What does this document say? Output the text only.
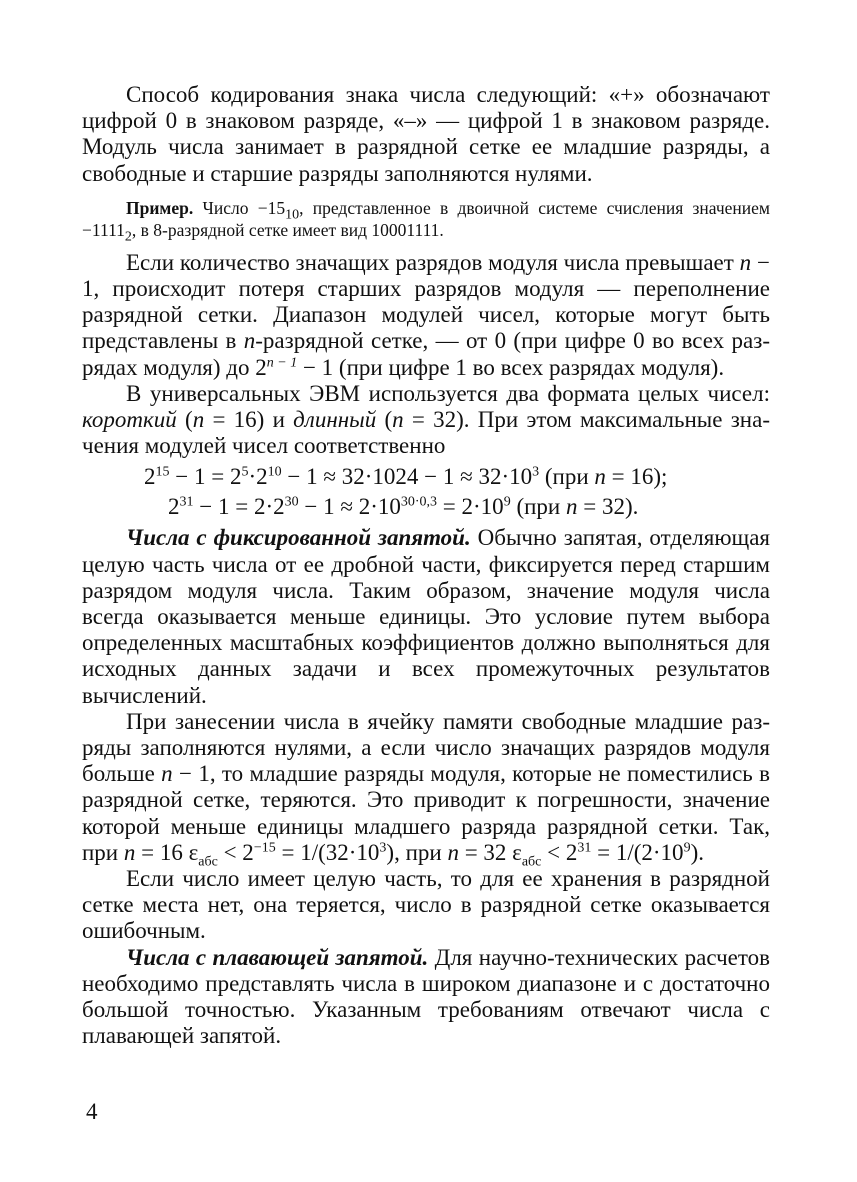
Способ кодирования знака числа следующий: «+» обозначают цифрой 0 в знаковом разряде, «–» — цифрой 1 в знаковом разряде. Модуль числа занимает в разрядной сетке ее младшие разряды, а свободные и старшие разряды заполняются нулями.

Пример. Число $-15_{10}$, представленное в двоичной системе счисления значением $-1111_2$, в 8-разрядной сетке имеет вид 10001111.

Если количество значащих разрядов модуля числа превышает n − 1, происходит потеря старших разрядов модуля — переполнение разрядной сетки. Диапазон модулей чисел, которые могут быть представлены в n-разрядной сетке, — от 0 (при цифре 0 во всех разрядах модуля) до $2^{n - 1} - 1$ (при цифре 1 во всех разрядах модуля).

В универсальных ЭВМ используется два формата целых чисел: короткий (n = 16) и длинный (n = 32). При этом максимальные значения модулей чисел соответственно

$2^{15} - 1 = 2^5\cdot 2^{10} - 1 \approx 32\cdot 1024 - 1 \approx 32\cdot 10^3$ (при n = 16);

$2^{31} - 1 = 2\cdot 2^{30} - 1 \approx 2\cdot 10^{30\cdot 0,3} = 2\cdot 10^9$ (при n = 32).

Числа с фиксированной запятой. Обычно запятая, отделяющая целую часть числа от ее дробной части, фиксируется перед старшим разрядом модуля числа. Таким образом, значение модуля числа всегда оказывается меньше единицы. Это условие путем выбора определенных масштабных коэффициентов должно выполняться для исходных данных задачи и всех промежуточных результатов вычислений.

При занесении числа в ячейку памяти свободные младшие разряды заполняются нулями, а если число значащих разрядов модуля больше n − 1, то младшие разряды модуля, которые не поместились в разрядной сетке, теряются. Это приводит к погрешности, значение которой меньше единицы младшего разряда разрядной сетки. Так, при n = 16 $\varepsilon_{абс} < 2^{-15} = 1/(32\cdot 10^3)$, при n = 32 $\varepsilon_{абс} < 2^{31} = 1/(2\cdot 10^9)$.

Если число имеет целую часть, то для ее хранения в разрядной сетке места нет, она теряется, число в разрядной сетке оказывается ошибочным.

Числа с плавающей запятой. Для научно-технических расчетов необходимо представлять числа в широком диапазоне и с достаточно большой точностью. Указанным требованиям отвечают числа с плавающей запятой.

4
